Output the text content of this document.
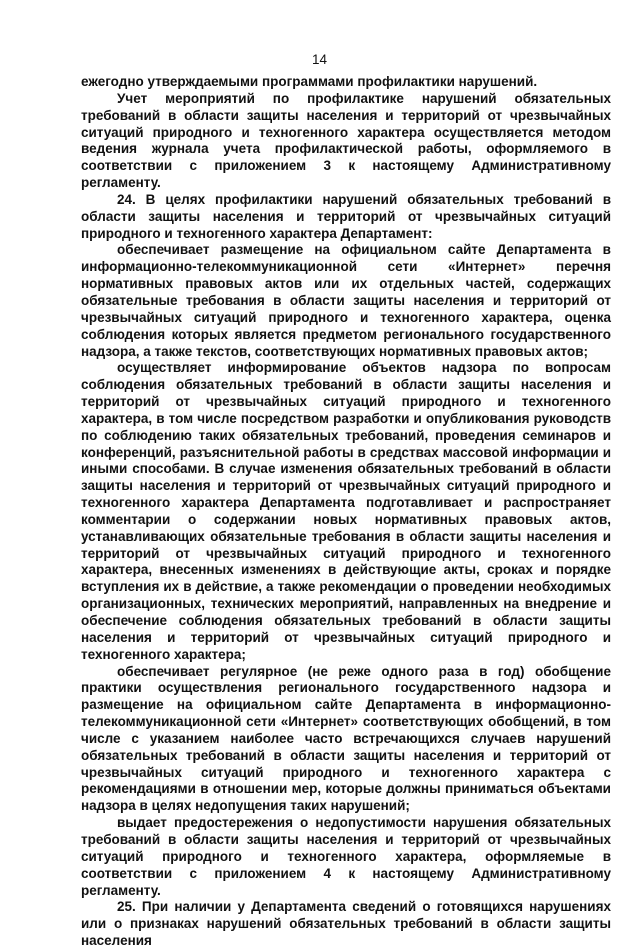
14

ежегодно утверждаемыми программами профилактики нарушений.

Учет мероприятий по профилактике нарушений обязательных требований в области защиты населения и территорий от чрезвычайных ситуаций природного и техногенного характера осуществляется методом ведения журнала учета профилактической работы, оформляемого в соответствии с приложением 3 к настоящему Административному регламенту.

24. В целях профилактики нарушений обязательных требований в области защиты населения и территорий от чрезвычайных ситуаций природного и техногенного характера Департамент:

обеспечивает размещение на официальном сайте Департамента в информационно-телекоммуникационной сети «Интернет» перечня нормативных правовых актов или их отдельных частей, содержащих обязательные требования в области защиты населения и территорий от чрезвычайных ситуаций природного и техногенного характера, оценка соблюдения которых является предметом регионального государственного надзора, а также текстов, соответствующих нормативных правовых актов;

осуществляет информирование объектов надзора по вопросам соблюдения обязательных требований в области защиты населения и территорий от чрезвычайных ситуаций природного и техногенного характера, в том числе посредством разработки и опубликования руководств по соблюдению таких обязательных требований, проведения семинаров и конференций, разъяснительной работы в средствах массовой информации и иными способами. В случае изменения обязательных требований в области защиты населения и территорий от чрезвычайных ситуаций природного и техногенного характера Департамента подготавливает и распространяет комментарии о содержании новых нормативных правовых актов, устанавливающих обязательные требования в области защиты населения и территорий от чрезвычайных ситуаций природного и техногенного характера, внесенных изменениях в действующие акты, сроках и порядке вступления их в действие, а также рекомендации о проведении необходимых организационных, технических мероприятий, направленных на внедрение и обеспечение соблюдения обязательных требований в области защиты населения и территорий от чрезвычайных ситуаций природного и техногенного характера;

обеспечивает регулярное (не реже одного раза в год) обобщение практики осуществления регионального государственного надзора и размещение на официальном сайте Департамента в информационно-телекоммуникационной сети «Интернет» соответствующих обобщений, в том числе с указанием наиболее часто встречающихся случаев нарушений обязательных требований в области защиты населения и территорий от чрезвычайных ситуаций природного и техногенного характера с рекомендациями в отношении мер, которые должны приниматься объектами надзора в целях недопущения таких нарушений;

выдает предостережения о недопустимости нарушения обязательных требований в области защиты населения и территорий от чрезвычайных ситуаций природного и техногенного характера, оформляемые в соответствии с приложением 4 к настоящему Административному регламенту.

25. При наличии у Департамента сведений о готовящихся нарушениях или о признаках нарушений обязательных требований в области защиты населения
